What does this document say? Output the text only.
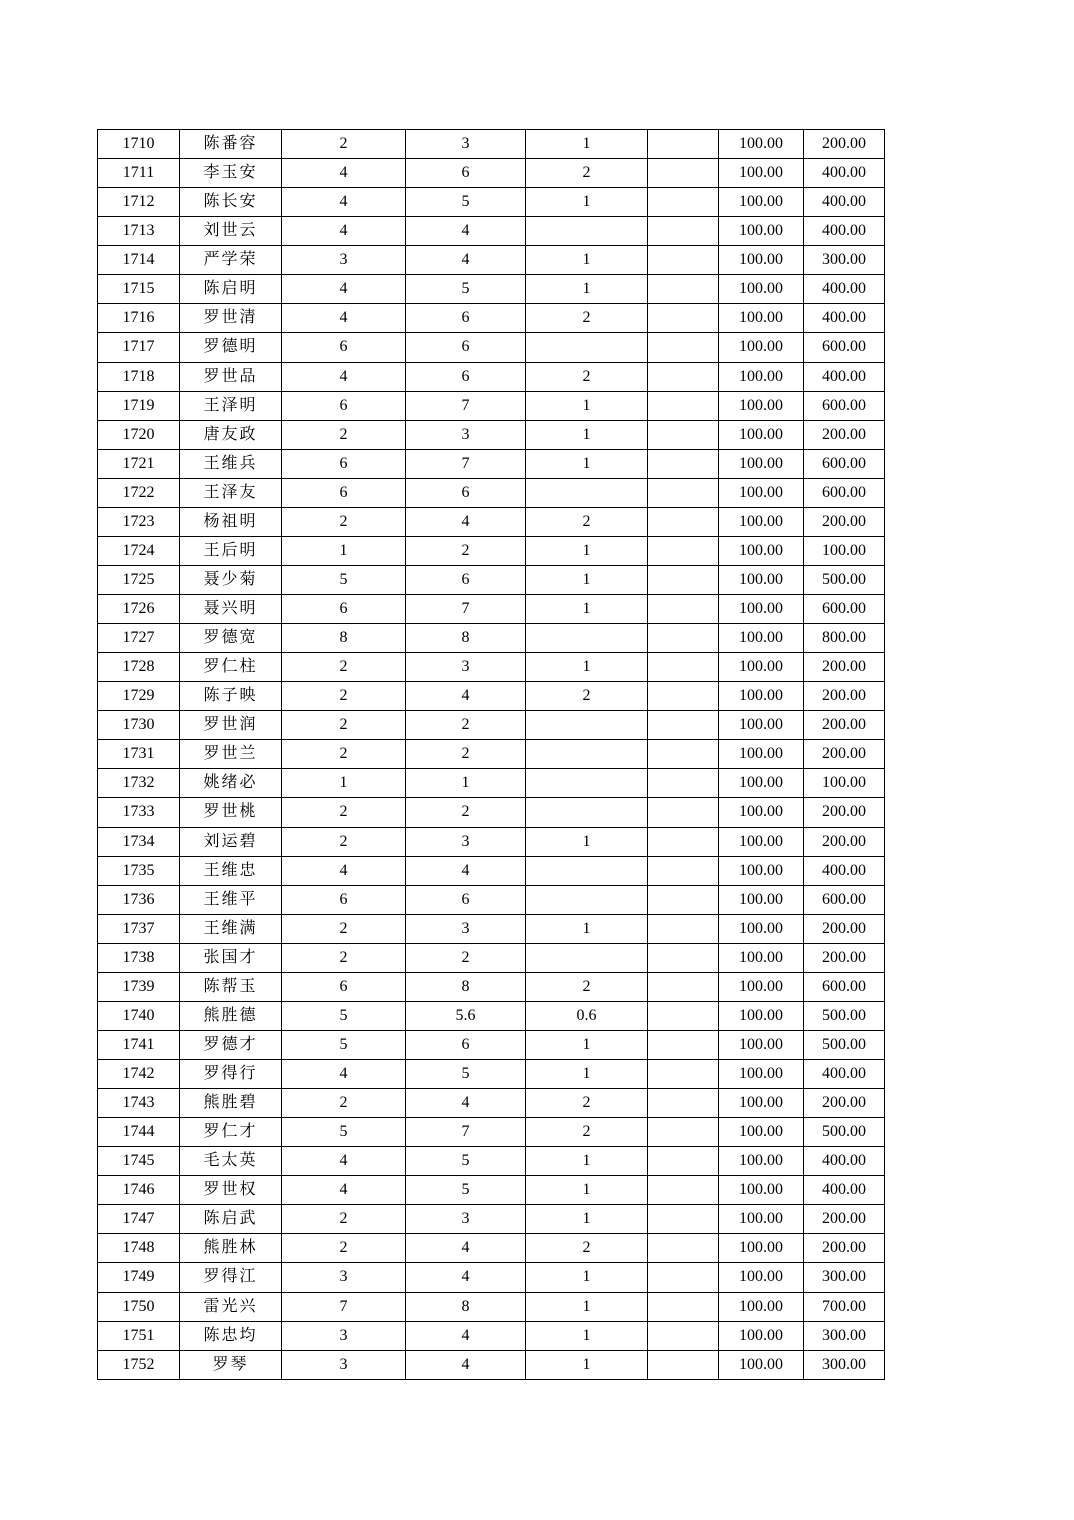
1710	陈番容	2	3	1		100.00	200.00
1711	李玉安	4	6	2		100.00	400.00
1712	陈长安	4	5	1		100.00	400.00
1713	刘世云	4	4			100.00	400.00
1714	严学荣	3	4	1		100.00	300.00
1715	陈启明	4	5	1		100.00	400.00
1716	罗世清	4	6	2		100.00	400.00
1717	罗德明	6	6			100.00	600.00
1718	罗世品	4	6	2		100.00	400.00
1719	王泽明	6	7	1		100.00	600.00
1720	唐友政	2	3	1		100.00	200.00
1721	王维兵	6	7	1		100.00	600.00
1722	王泽友	6	6			100.00	600.00
1723	杨祖明	2	4	2		100.00	200.00
1724	王后明	1	2	1		100.00	100.00
1725	聂少菊	5	6	1		100.00	500.00
1726	聂兴明	6	7	1		100.00	600.00
1727	罗德宽	8	8			100.00	800.00
1728	罗仁柱	2	3	1		100.00	200.00
1729	陈子映	2	4	2		100.00	200.00
1730	罗世润	2	2			100.00	200.00
1731	罗世兰	2	2			100.00	200.00
1732	姚绪必	1	1			100.00	100.00
1733	罗世桃	2	2			100.00	200.00
1734	刘运碧	2	3	1		100.00	200.00
1735	王维忠	4	4			100.00	400.00
1736	王维平	6	6			100.00	600.00
1737	王维满	2	3	1		100.00	200.00
1738	张国才	2	2			100.00	200.00
1739	陈帮玉	6	8	2		100.00	600.00
1740	熊胜德	5	5.6	0.6		100.00	500.00
1741	罗德才	5	6	1		100.00	500.00
1742	罗得行	4	5	1		100.00	400.00
1743	熊胜碧	2	4	2		100.00	200.00
1744	罗仁才	5	7	2		100.00	500.00
1745	毛太英	4	5	1		100.00	400.00
1746	罗世权	4	5	1		100.00	400.00
1747	陈启武	2	3	1		100.00	200.00
1748	熊胜林	2	4	2		100.00	200.00
1749	罗得江	3	4	1		100.00	300.00
1750	雷光兴	7	8	1		100.00	700.00
1751	陈忠均	3	4	1		100.00	300.00
1752	罗琴	3	4	1		100.00	300.00
